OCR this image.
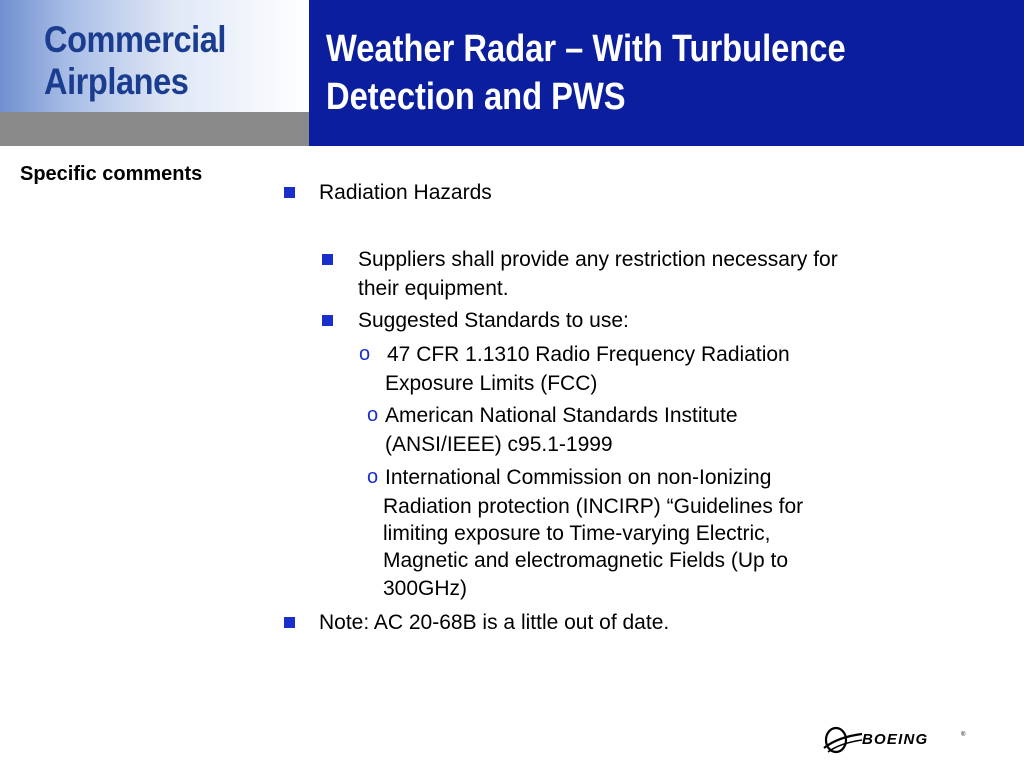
Commercial
Airplanes
Weather Radar – With Turbulence
Detection and PWS
Specific comments
Radiation Hazards
Suppliers shall provide any restriction necessary for
their equipment.
Suggested Standards to use:
o 47 CFR 1.1310 Radio Frequency Radiation
Exposure Limits (FCC)
o American National Standards Institute
(ANSI/IEEE) c95.1-1999
o International Commission on non-Ionizing
Radiation protection (INCIRP) “Guidelines for
limiting exposure to Time-varying Electric,
Magnetic and electromagnetic Fields (Up to
300GHz)
Note: AC 20-68B is a little out of date.
BOEING	®
